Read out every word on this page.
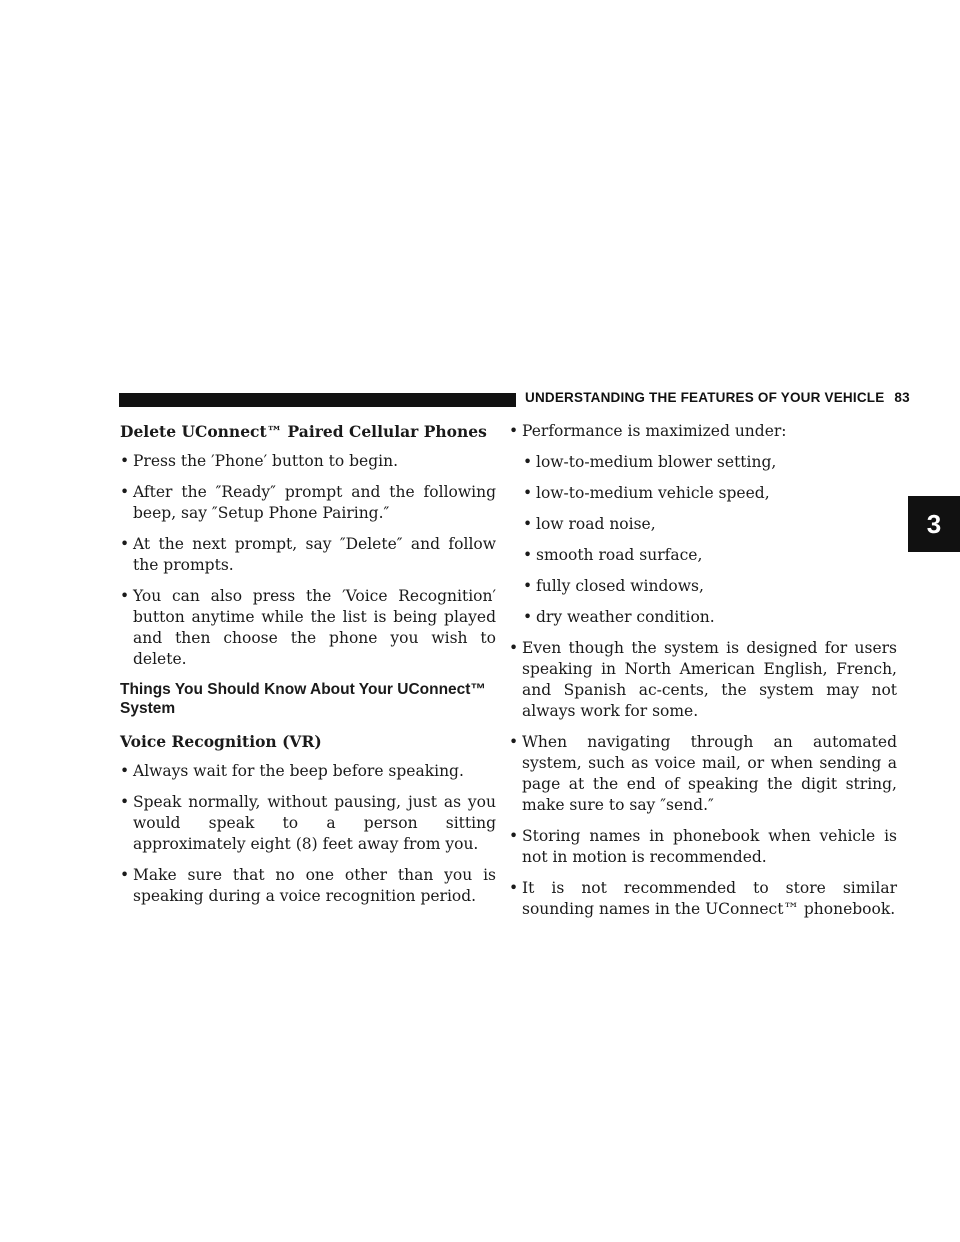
UNDERSTANDING THE FEATURES OF YOUR VEHICLE 83
3
Delete UConnect™ Paired Cellular Phones
• Press the ′Phone′ button to begin.
• After the ″Ready″ prompt and the following beep, say ″Setup Phone Pairing.″
• At the next prompt, say ″Delete″ and follow the prompts.
• You can also press the ′Voice Recognition′ button anytime while the list is being played and then choose the phone you wish to delete.
Things You Should Know About Your UConnect™ System
Voice Recognition (VR)
• Always wait for the beep before speaking.
• Speak normally, without pausing, just as you would speak to a person sitting approximately eight (8) feet away from you.
• Make sure that no one other than you is speaking during a voice recognition period.
• Performance is maximized under:
• low-to-medium blower setting,
• low-to-medium vehicle speed,
• low road noise,
• smooth road surface,
• fully closed windows,
• dry weather condition.
• Even though the system is designed for users speaking in North American English, French, and Spanish ac-cents, the system may not always work for some.
• When navigating through an automated system, such as voice mail, or when sending a page at the end of speaking the digit string, make sure to say ″send.″
• Storing names in phonebook when vehicle is not in motion is recommended.
• It is not recommended to store similar sounding names in the UConnect™ phonebook.
